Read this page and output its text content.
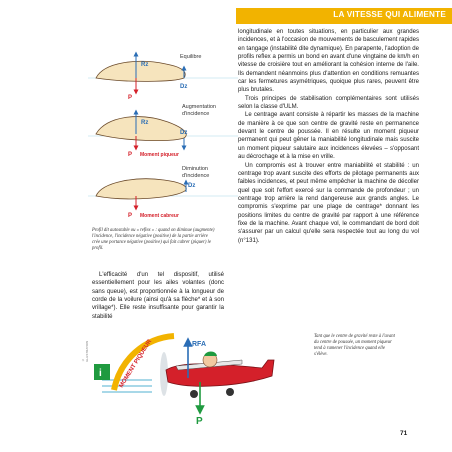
LA VITESSE QUI ALIMENTE
Rz
Dz
P
Equilibre
Rz
Dz
P Moment piqueur
Augmentation
d'incidence
Dz
P Moment cabreur
Diminution
d'incidence

longitudinale en toutes situations, en particulier aux grandes incidences, et à l'occasion de mouvements de basculement rapides en tangage (instabilité dite dynamique). En parapente, l'adoption de profils reflex a permis un bond en avant d'une vingtaine de km/h en vitesse de croisière tout en améliorant la cohésion interne de l'aile. Ils demandent néanmoins plus d'attention en conditions remuantes car les fermetures asymétriques, quoique plus rares, peuvent être plus brutales.

Trois principes de stabilisation complémentaires sont utilisés selon la classe d'ULM.

Le centrage avant consiste à répartir les masses de la machine de manière à ce que son centre de gravité reste en permanence devant le centre de poussée. Il en résulte un moment piqueur permanent qui peut gêner la maniabilité longitudinale mais suscite un moment piqueur salutaire aux incidences élevées – s'opposant au décrochage et à la mise en vrille.

Un compromis est à trouver entre maniabilité et stabilité : un centrage trop avant suscite des efforts de pilotage permanents aux faibles incidences, et peut même empêcher la machine de décoller quel que soit l'effort exercé sur la commande de profondeur ; un centrage trop arrière la rend dangereuse aux grands angles. Le compromis s'exprime par une plage de centrage* donnant les positions limites du centre de gravité par rapport à une référence fixe de la machine. Avant chaque vol, le commandant de bord doit s'assurer par un calcul qu'elle sera respectée tout au long du vol (n°131).

Profil dit autostable ou « reflex » : quand on diminue (augmente) l'incidence, l'incidence négative (positive) de la partie arrière crée une portance négative (positive) qui fait cabrer (piquer) le profil.

L'efficacité d'un tel dispositif, utilisé essentiellement pour les ailes volantes (donc sans queue), est proportionnée à la longueur de corde de la voilure (ainsi qu'à sa flèche* et à son vrillage*). Elle reste insuffisante pour garantir la stabilité

© ILLUSTRATION
i	MOMENT PIQUEUR	RFA
P
Tant que le centre de gravité reste à l'avant du centre de poussée, un moment piqueur tend à ramener l'incidence quand elle s'élève.
71
